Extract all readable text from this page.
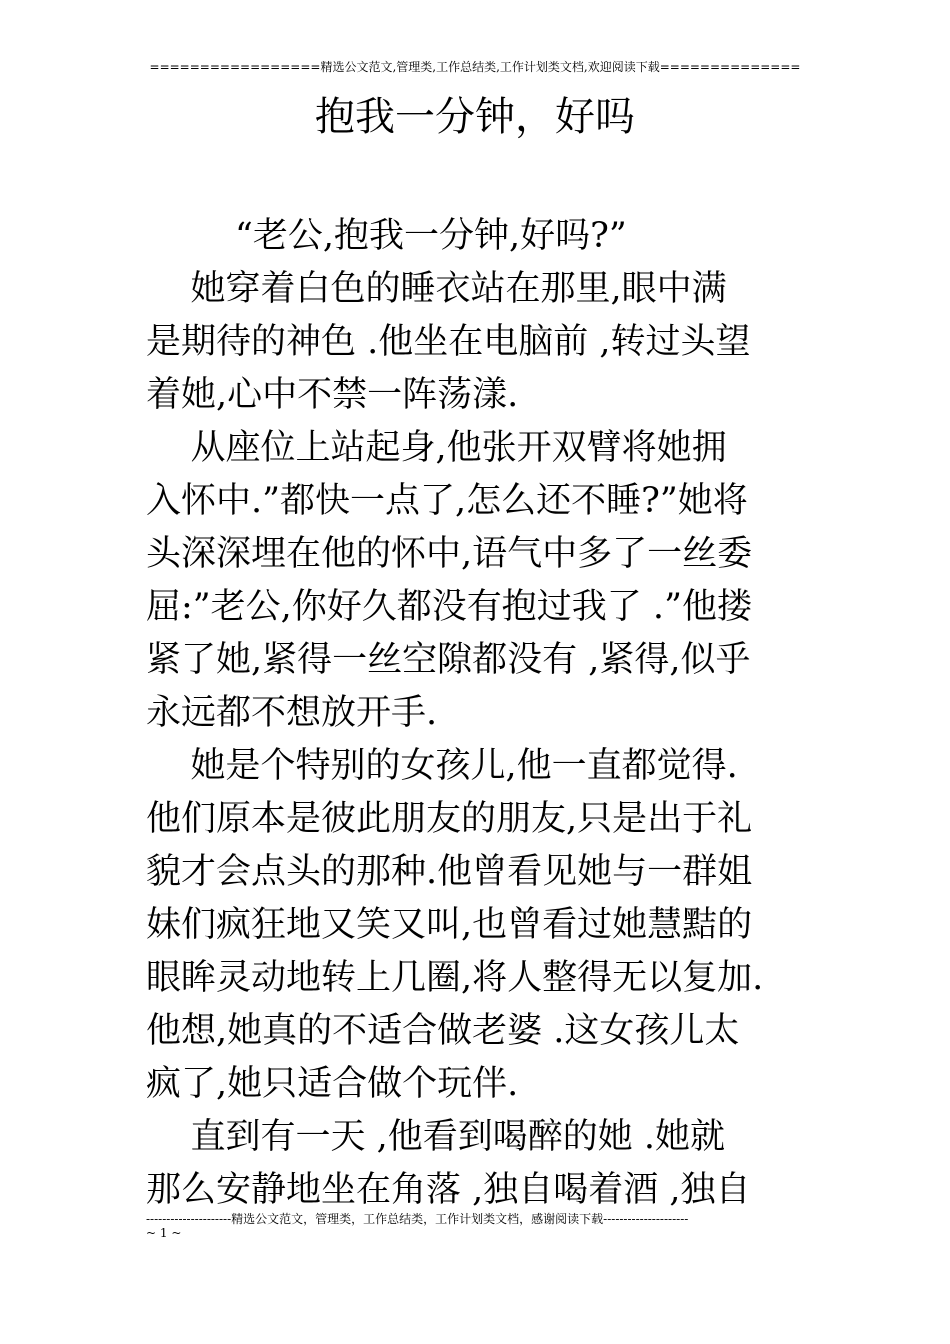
=================精选公文范文,管理类,工作总结类,工作计划类文档,欢迎阅读下载==============
抱我一分钟，好吗
“老公,抱我一分钟,好吗?”
她穿着白色的睡衣站在那里,眼中满
是期待的神色 .他坐在电脑前 ,转过头望
着她,心中不禁一阵荡漾.
从座位上站起身,他张开双臂将她拥
入怀中.”都快一点了,怎么还不睡?”她将
头深深埋在他的怀中,语气中多了一丝委
屈:”老公,你好久都没有抱过我了 .”他搂
紧了她,紧得一丝空隙都没有 ,紧得,似乎
永远都不想放开手.
她是个特别的女孩儿,他一直都觉得.
他们原本是彼此朋友的朋友,只是出于礼
貌才会点头的那种.他曾看见她与一群姐
妹们疯狂地又笑又叫,也曾看过她慧黠的
眼眸灵动地转上几圈,将人整得无以复加.
他想,她真的不适合做老婆 .这女孩儿太
疯了,她只适合做个玩伴.
直到有一天 ,他看到喝醉的她 .她就
那么安静地坐在角落 ,独自喝着酒 ,独自
---------------------精选公文范文，管理类，工作总结类，工作计划类文档，感谢阅读下载---------------------
~ 1 ~
